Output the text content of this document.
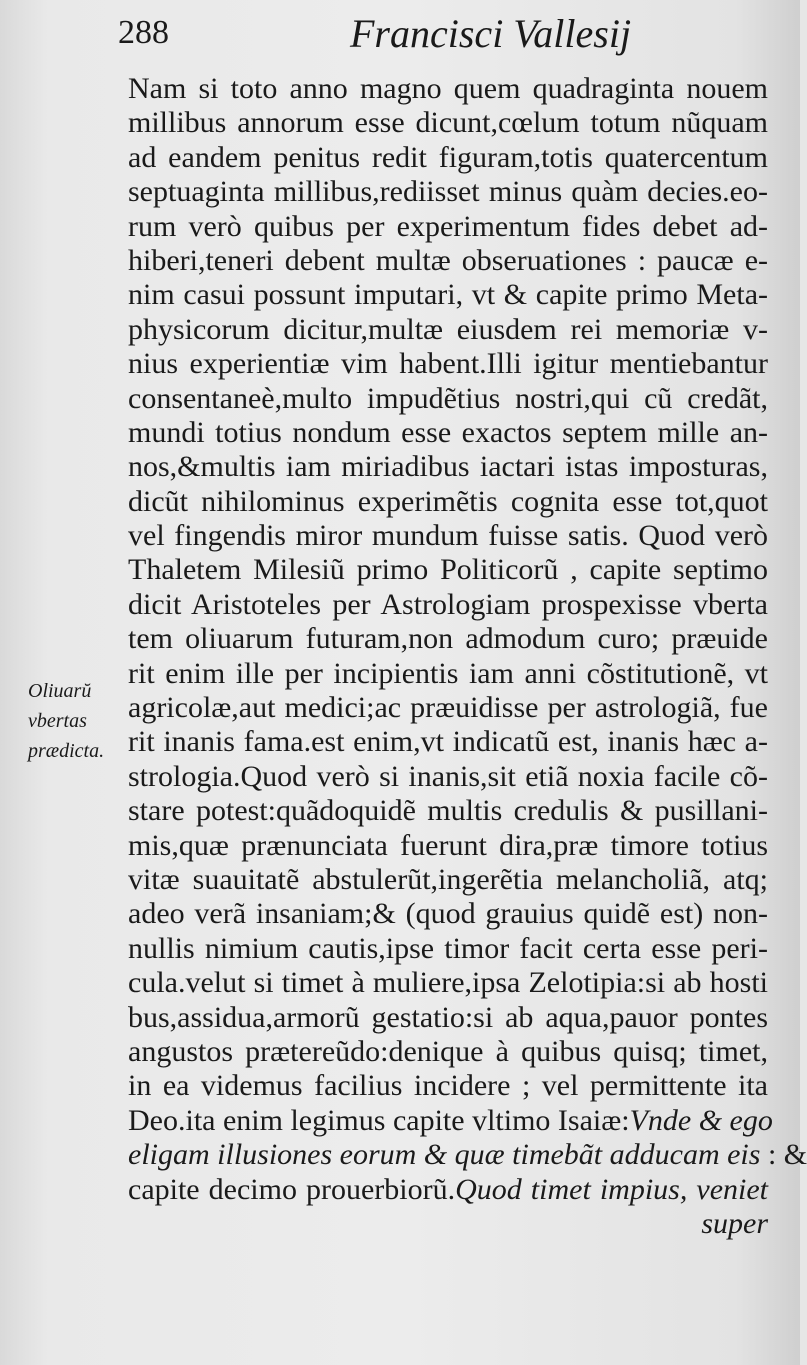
288	Francisci Vallesij
Oliuarŭ
vbertas
prædicta.
Nam si toto anno magno quem quadraginta nouem
millibus annorum esse dicunt,cœlum totum nũquam
ad eandem penitus redit figuram,totis quatercentum
septuaginta millibus,rediisset minus quàm decies.eo-
rum verò quibus per experimentum fides debet ad-
hiberi,teneri debent multæ obseruationes : paucæ e-
nim casui possunt imputari, vt & capite primo Meta-
physicorum dicitur,multæ eiusdem rei memoriæ v-
nius experientiæ vim habent.Illi igitur mentiebantur
consentaneè,multo impudẽtius nostri,qui cũ credãt,
mundi totius nondum esse exactos septem mille an-
nos,&multis iam miriadibus iactari istas imposturas,
dicũt nihilominus experimẽtis cognita esse tot,quot
vel fingendis miror mundum fuisse satis. Quod verò
Thaletem Milesiũ primo Politicorũ , capite septimo
dicit Aristoteles per Astrologiam prospexisse vberta
tem oliuarum futuram,non admodum curo; præuide
rit enim ille per incipientis iam anni cõstitutionẽ, vt
agricolæ,aut medici;ac præuidisse per astrologiã, fue
rit inanis fama.est enim,vt indicatũ est, inanis hæc a-
strologia.Quod verò si inanis,sit etiã noxia facile cõ-
stare potest:quãdoquidẽ multis credulis & pusillani-
mis,quæ prænunciata fuerunt dira,præ timore totius
vitæ suauitatẽ abstulerũt,ingerẽtia melancholiã, atq;
adeo verã insaniam;& (quod grauius quidẽ est) non-
nullis nimium cautis,ipse timor facit certa esse peri-
cula.velut si timet à muliere,ipsa Zelotipia:si ab hosti
bus,assidua,armorũ gestatio:si ab aqua,pauor pontes
angustos prætereũdo:denique à quibus quisq; timet,
in ea videmus facilius incidere ; vel permittente ita
Deo.ita enim legimus capite vltimo Isaiæ:Vnde & ego
eligam illusiones eorum & quæ timebãt adducam eis : &
capite decimo prouerbiorũ.Quod timet impius, veniet
super
